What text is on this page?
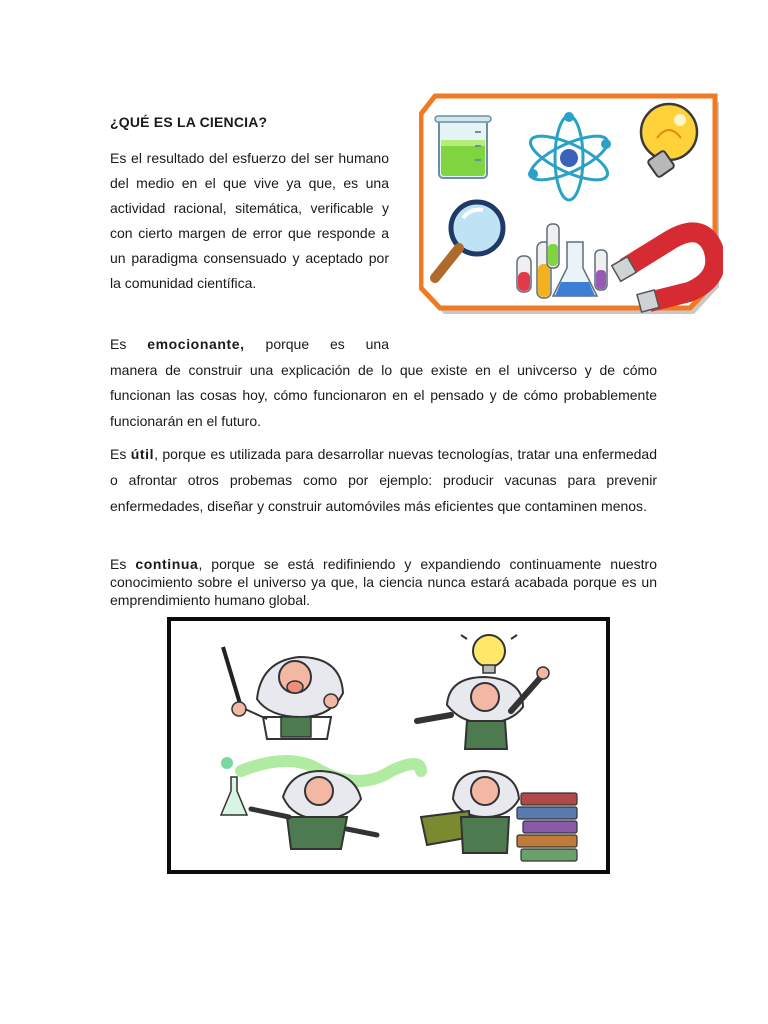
¿QUÉ ES LA CIENCIA?
Es el resultado del esfuerzo del ser humano del medio en el que vive ya que, es una actividad racional, sitemática, verificable y con cierto margen de error que responde a un paradigma consensuado y aceptado por la comunidad científica.
Es emocionante, porque es una
manera de construir una explicación de lo que existe en el univcerso y de cómo funcionan las cosas hoy, cómo funcionaron en el pensado y de cómo probablemente funcionarán en el futuro.
Es útil, porque es utilizada para desarrollar nuevas tecnologías, tratar una enfermedad o afrontar otros probemas como por ejemplo: producir vacunas para prevenir enfermedades, diseñar y construir automóviles más eficientes que contaminen menos.
Es continua, porque se está redifiniendo y expandiendo continuamente nuestro conocimiento sobre el universo ya que, la ciencia nunca estará acabada porque es un emprendimiento humano global.
